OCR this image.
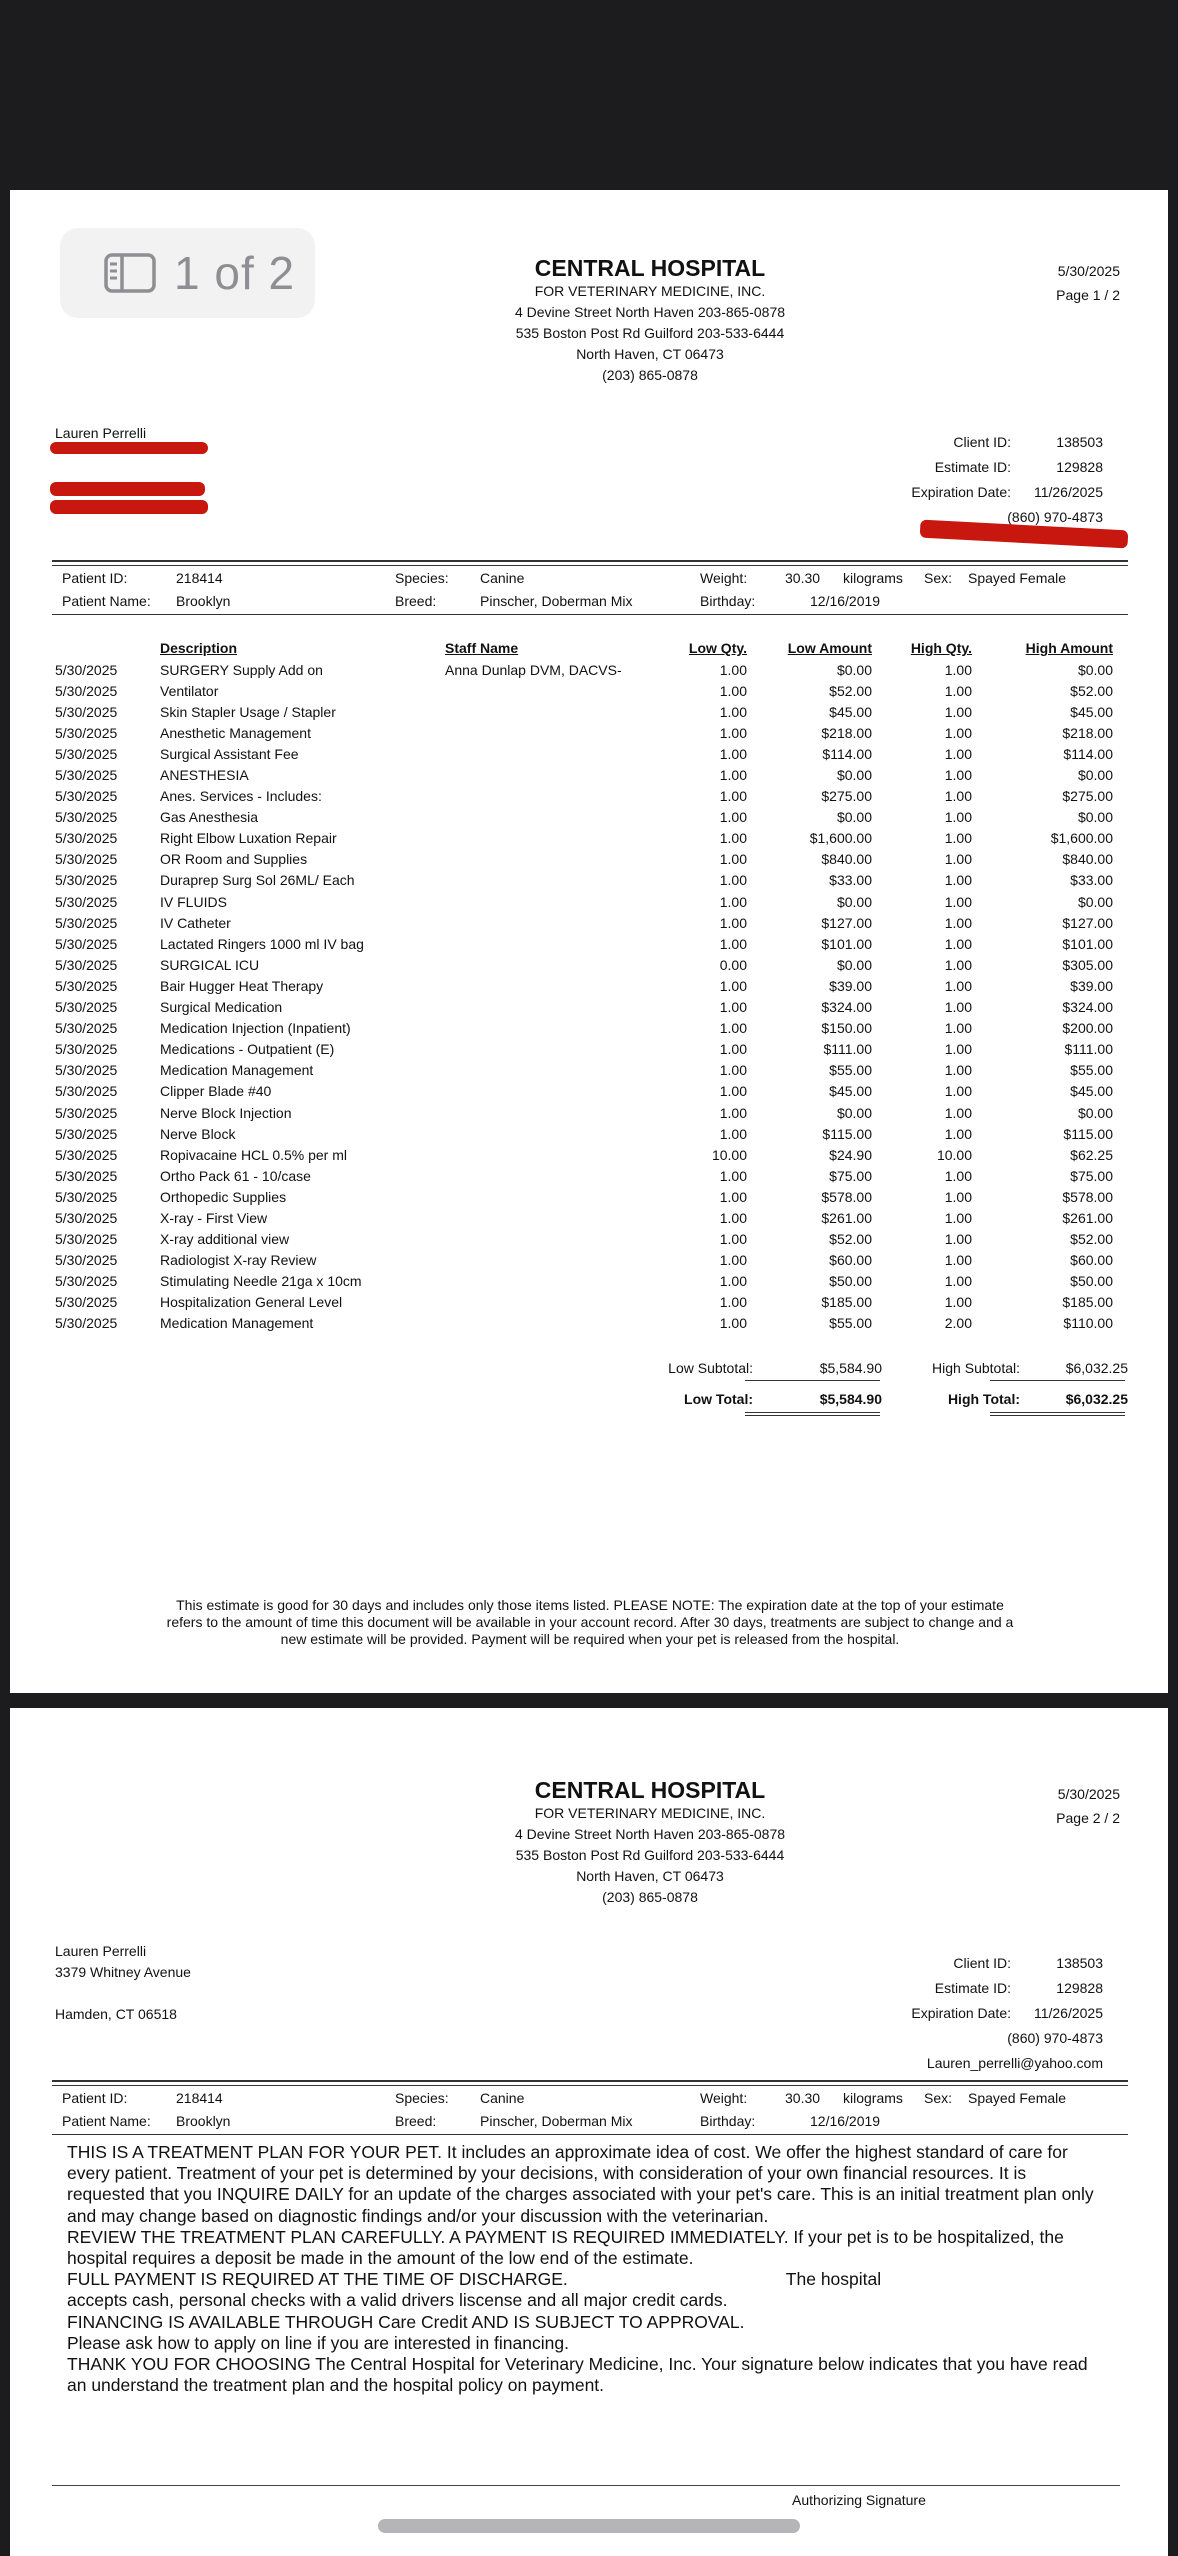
1 of 2	CENTRAL HOSPITAL
FOR VETERINARY MEDICINE, INC.
4 Devine Street North Haven 203-865-0878
535 Boston Post Rd Guilford 203-533-6444
North Haven, CT 06473
(203) 865-0878
5/30/2025
Page 1 / 2
Lauren Perrelli
Client ID:	138503
Estimate ID:	129828
Expiration Date: 11/26/2025
(860) 970-4873
Patient ID:	218414
Patient Name: Brooklyn
Species: Canine
Breed:	Pinscher, Doberman Mix
Weight:	30.30 kilograms Sex: Spayed Female
Birthday:	12/16/2019
	Description	Staff Name	Low Qty.	Low Amount	High Qty.	High Amount
5/30/2025	SURGERY Supply Add on	Anna Dunlap DVM, DACVS-	1.00	$0.00	1.00	$0.00
5/30/2025	Ventilator		1.00	$52.00	1.00	$52.00
5/30/2025	Skin Stapler Usage / Stapler		1.00	$45.00	1.00	$45.00
5/30/2025	Anesthetic Management		1.00	$218.00	1.00	$218.00
5/30/2025	Surgical Assistant Fee		1.00	$114.00	1.00	$114.00
5/30/2025	ANESTHESIA		1.00	$0.00	1.00	$0.00
5/30/2025	Anes. Services - Includes:		1.00	$275.00	1.00	$275.00
5/30/2025	Gas Anesthesia		1.00	$0.00	1.00	$0.00
5/30/2025	Right Elbow Luxation Repair		1.00	$1,600.00	1.00	$1,600.00
5/30/2025	OR Room and Supplies		1.00	$840.00	1.00	$840.00
5/30/2025	Duraprep Surg Sol 26ML/ Each		1.00	$33.00	1.00	$33.00
5/30/2025	IV FLUIDS		1.00	$0.00	1.00	$0.00
5/30/2025	IV Catheter		1.00	$127.00	1.00	$127.00
5/30/2025	Lactated Ringers 1000 ml IV bag		1.00	$101.00	1.00	$101.00
5/30/2025	SURGICAL ICU		0.00	$0.00	1.00	$305.00
5/30/2025	Bair Hugger Heat Therapy		1.00	$39.00	1.00	$39.00
5/30/2025	Surgical Medication		1.00	$324.00	1.00	$324.00
5/30/2025	Medication Injection (Inpatient)		1.00	$150.00	1.00	$200.00
5/30/2025	Medications - Outpatient (E)		1.00	$111.00	1.00	$111.00
5/30/2025	Medication Management		1.00	$55.00	1.00	$55.00
5/30/2025	Clipper Blade #40		1.00	$45.00	1.00	$45.00
5/30/2025	Nerve Block Injection		1.00	$0.00	1.00	$0.00
5/30/2025	Nerve Block		1.00	$115.00	1.00	$115.00
5/30/2025	Ropivacaine HCL 0.5% per ml		10.00	$24.90	10.00	$62.25
5/30/2025	Ortho Pack 61 - 10/case		1.00	$75.00	1.00	$75.00
5/30/2025	Orthopedic Supplies		1.00	$578.00	1.00	$578.00
5/30/2025	X-ray - First View		1.00	$261.00	1.00	$261.00
5/30/2025	X-ray additional view		1.00	$52.00	1.00	$52.00
5/30/2025	Radiologist X-ray Review		1.00	$60.00	1.00	$60.00
5/30/2025	Stimulating Needle 21ga x 10cm		1.00	$50.00	1.00	$50.00
5/30/2025	Hospitalization General Level		1.00	$185.00	1.00	$185.00
5/30/2025	Medication Management		1.00	$55.00	2.00	$110.00
Low Subtotal:	$5,584.90	High Subtotal:	$6,032.25
Low Total:	$5,584.90	High Total:	$6,032.25
This estimate is good for 30 days and includes only those items listed. PLEASE NOTE: The expiration date at the top of your estimate
refers to the amount of time this document will be available in your account record. After 30 days, treatments are subject to change and a
new estimate will be provided. Payment will be required when your pet is released from the hospital.
CENTRAL HOSPITAL
FOR VETERINARY MEDICINE, INC.
4 Devine Street North Haven 203-865-0878
535 Boston Post Rd Guilford 203-533-6444
North Haven, CT 06473
(203) 865-0878
5/30/2025
Page 2 / 2
Lauren Perrelli
3379 Whitney Avenue
Hamden, CT 06518
Client ID:	138503
Estimate ID:	129828
Expiration Date: 11/26/2025
(860) 970-4873
Lauren_perrelli@yahoo.com
Patient ID:	218414
Patient Name: Brooklyn
Species: Canine
Breed:	Pinscher, Doberman Mix
Weight:	30.30 kilograms Sex: Spayed Female
Birthday:	12/16/2019

THIS IS A TREATMENT PLAN FOR YOUR PET. It includes an approximate idea of cost. We offer the highest standard of care for every patient. Treatment of your pet is determined by your decisions, with consideration of your own financial resources. It is requested that you INQUIRE DAILY for an update of the charges associated with your pet's care. This is an initial treatment plan only and may change based on diagnostic findings and/or your discussion with the veterinarian.

REVIEW THE TREATMENT PLAN CAREFULLY. A PAYMENT IS REQUIRED IMMEDIATELY. If your pet is to be hospitalized, the hospital requires a deposit be made in the amount of the low end of the estimate.

FULL PAYMENT IS REQUIRED AT THE TIME OF DISCHARGE.	The hospital

accepts cash, personal checks with a valid drivers liscense and all major credit cards.

FINANCING IS AVAILABLE THROUGH Care Credit AND IS SUBJECT TO APPROVAL.

Please ask how to apply on line if you are interested in financing.

THANK YOU FOR CHOOSING The Central Hospital for Veterinary Medicine, Inc. Your signature below indicates that you have read an understand the treatment plan and the hospital policy on payment.

Authorizing Signature
